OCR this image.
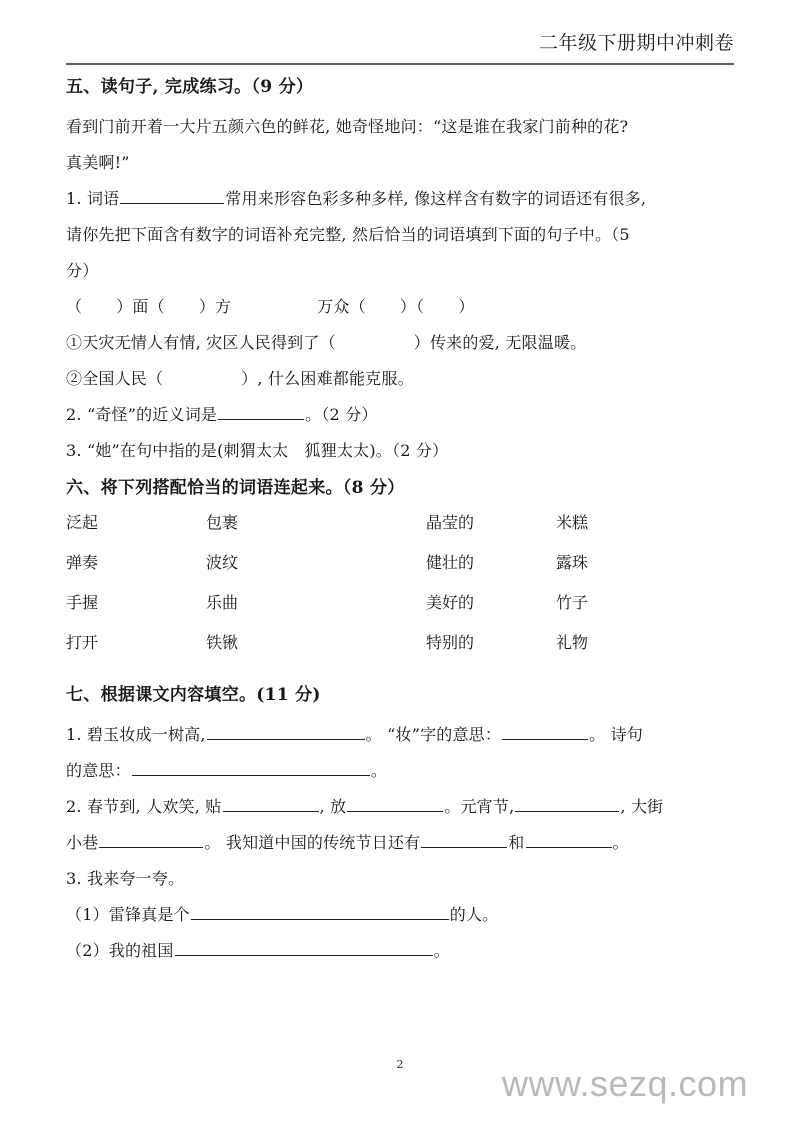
二年级下册期中冲刺卷

五、读句子, 完成练习。（9 分）

看到门前开着一大片五颜六色的鲜花, 她奇怪地问：“这是谁在我家门前种的花?

真美啊!”

1. 词语	常用来形容色彩多种多样, 像这样含有数字的词语还有很多,

请你先把下面含有数字的词语补充完整, 然后恰当的词语填到下面的句子中。（5

分）

（ ）面（ ）方	万众（ ）（ ）

①天灾无情人有情, 灾区人民得到了（	）传来的爱, 无限温暖。

②全国人民（	）, 什么困难都能克服。

2. “奇怪”的近义词是	。（2 分）

3. “她”在句中指的是(刺猬太太　狐狸太太)。（2 分）

六、将下列搭配恰当的词语连起来。（8 分）

泛起	包裹	晶莹的	米糕
弹奏	波纹	健壮的	露珠
手握	乐曲	美好的	竹子
打开	铁锹	特别的	礼物

七、根据课文内容填空。(11 分)

1. 碧玉妆成一树高,	。 “妆”字的意思：	。 诗句

的意思：	。

2. 春节到, 人欢笑, 贴	, 放	。元宵节,	, 大街

小巷	。 我知道中国的传统节日还有	和	。

3. 我来夸一夸。

（1）雷锋真是个	的人。

（2）我的祖国	。

2	www.sezq.com
